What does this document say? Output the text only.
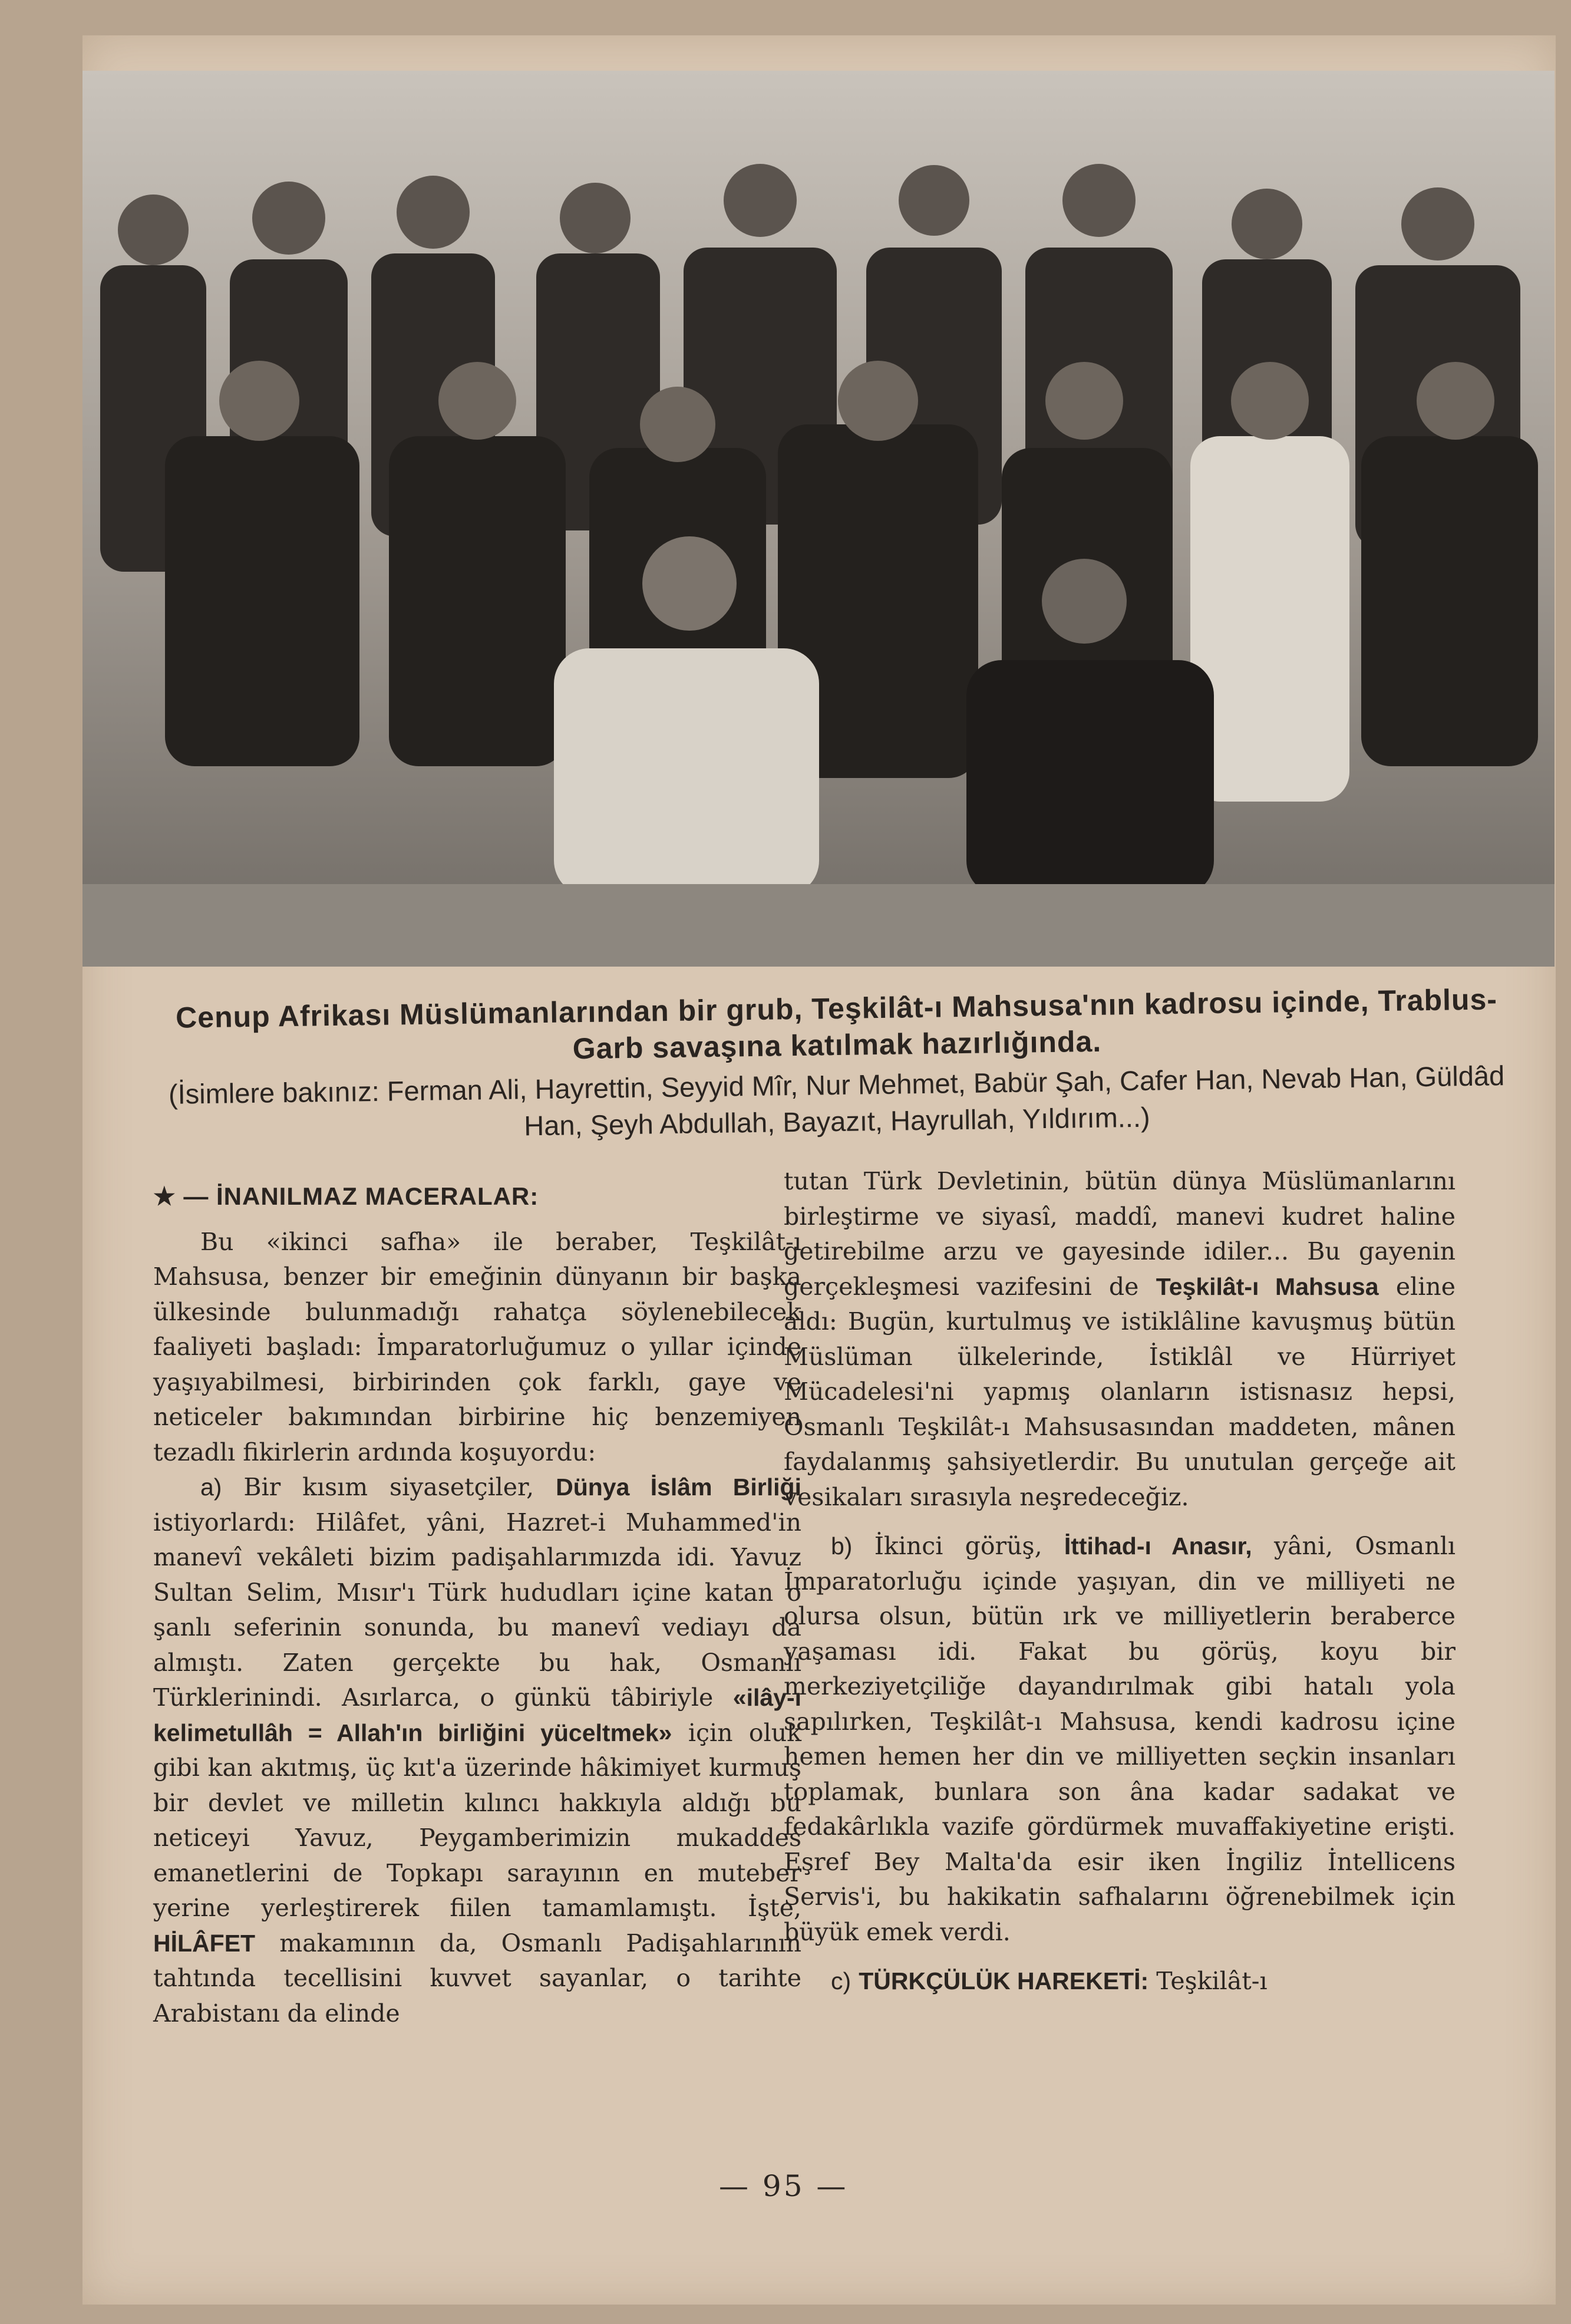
Cenup Afrikası Müslümanlarından bir grub, Teşkilât-ı Mahsusa'nın kadrosu içinde, Trablus-Garb savaşına katılmak hazırlığında.
(İsimlere bakınız: Ferman Ali, Hayrettin, Seyyid Mîr, Nur Mehmet, Babür Şah, Cafer Han, Nevab Han, Güldâd Han, Şeyh Abdullah, Bayazıt, Hayrullah, Yıldırım...)
★ — İNANILMAZ MACERALAR:

Bu «ikinci safha» ile beraber, Teşkilât-ı Mahsusa, benzer bir emeğinin dünyanın bir başka ülkesinde bulunmadığı rahatça söylenebilecek faaliyeti başladı: İmparatorluğumuz o yıllar içinde yaşıyabilmesi, birbirinden çok farklı, gaye ve neticeler bakımından birbirine hiç benzemiyen tezadlı fikirlerin ardında koşuyordu:

a) Bir kısım siyasetçiler, Dünya İslâm Birliği istiyorlardı: Hilâfet, yâni, Hazret-i Muhammed'in manevî vekâleti bizim padişahlarımızda idi. Yavuz Sultan Selim, Mısır'ı Türk hududları içine katan o şanlı seferinin sonunda, bu manevî vediayı da almıştı. Zaten gerçekte bu hak, Osmanlı Türklerinindi. Asırlarca, o günkü tâbiriyle «ilây-ı kelimetullâh = Allah'ın birliğini yüceltmek» için oluk gibi kan akıtmış, üç kıt'a üzerinde hâkimiyet kurmuş bir devlet ve milletin kılıncı hakkıyla aldığı bu neticeyi Yavuz, Peygamberimizin mukaddes emanetlerini de Topkapı sarayının en muteber yerine yerleştirerek fiilen tamamlamıştı. İşte, HİLÂFET makamının da, Osmanlı Padişahlarının tahtında tecellisini kuvvet sayanlar, o tarihte Arabistanı da elinde

tutan Türk Devletinin, bütün dünya Müslümanlarını birleştirme ve siyasî, maddî, manevi kudret haline getirebilme arzu ve gayesinde idiler... Bu gayenin gerçekleşmesi vazifesini de Teşkilât-ı Mahsusa eline aldı: Bugün, kurtulmuş ve istiklâline kavuşmuş bütün Müslüman ülkelerinde, İstiklâl ve Hürriyet Mücadelesi'ni yapmış olanların istisnasız hepsi, Osmanlı Teşkilât-ı Mahsusasından maddeten, mânen faydalanmış şahsiyetlerdir. Bu unutulan gerçeğe ait vesikaları sırasıyla neşredeceğiz.

b) İkinci görüş, İttihad-ı Anasır, yâni, Osmanlı İmparatorluğu içinde yaşıyan, din ve milliyeti ne olursa olsun, bütün ırk ve milliyetlerin beraberce yaşaması idi. Fakat bu görüş, koyu bir merkeziyetçiliğe dayandırılmak gibi hatalı yola sapılırken, Teşkilât-ı Mahsusa, kendi kadrosu içine hemen hemen her din ve milliyetten seçkin insanları toplamak, bunlara son âna kadar sadakat ve fedakârlıkla vazife gördürmek muvaffakiyetine erişti. Eşref Bey Malta'da esir iken İngiliz İntellicens Servis'i, bu hakikatin safhalarını öğrenebilmek için büyük emek verdi.

c) TÜRKÇÜLÜK HAREKETİ: Teşkilât-ı

— 95 —
